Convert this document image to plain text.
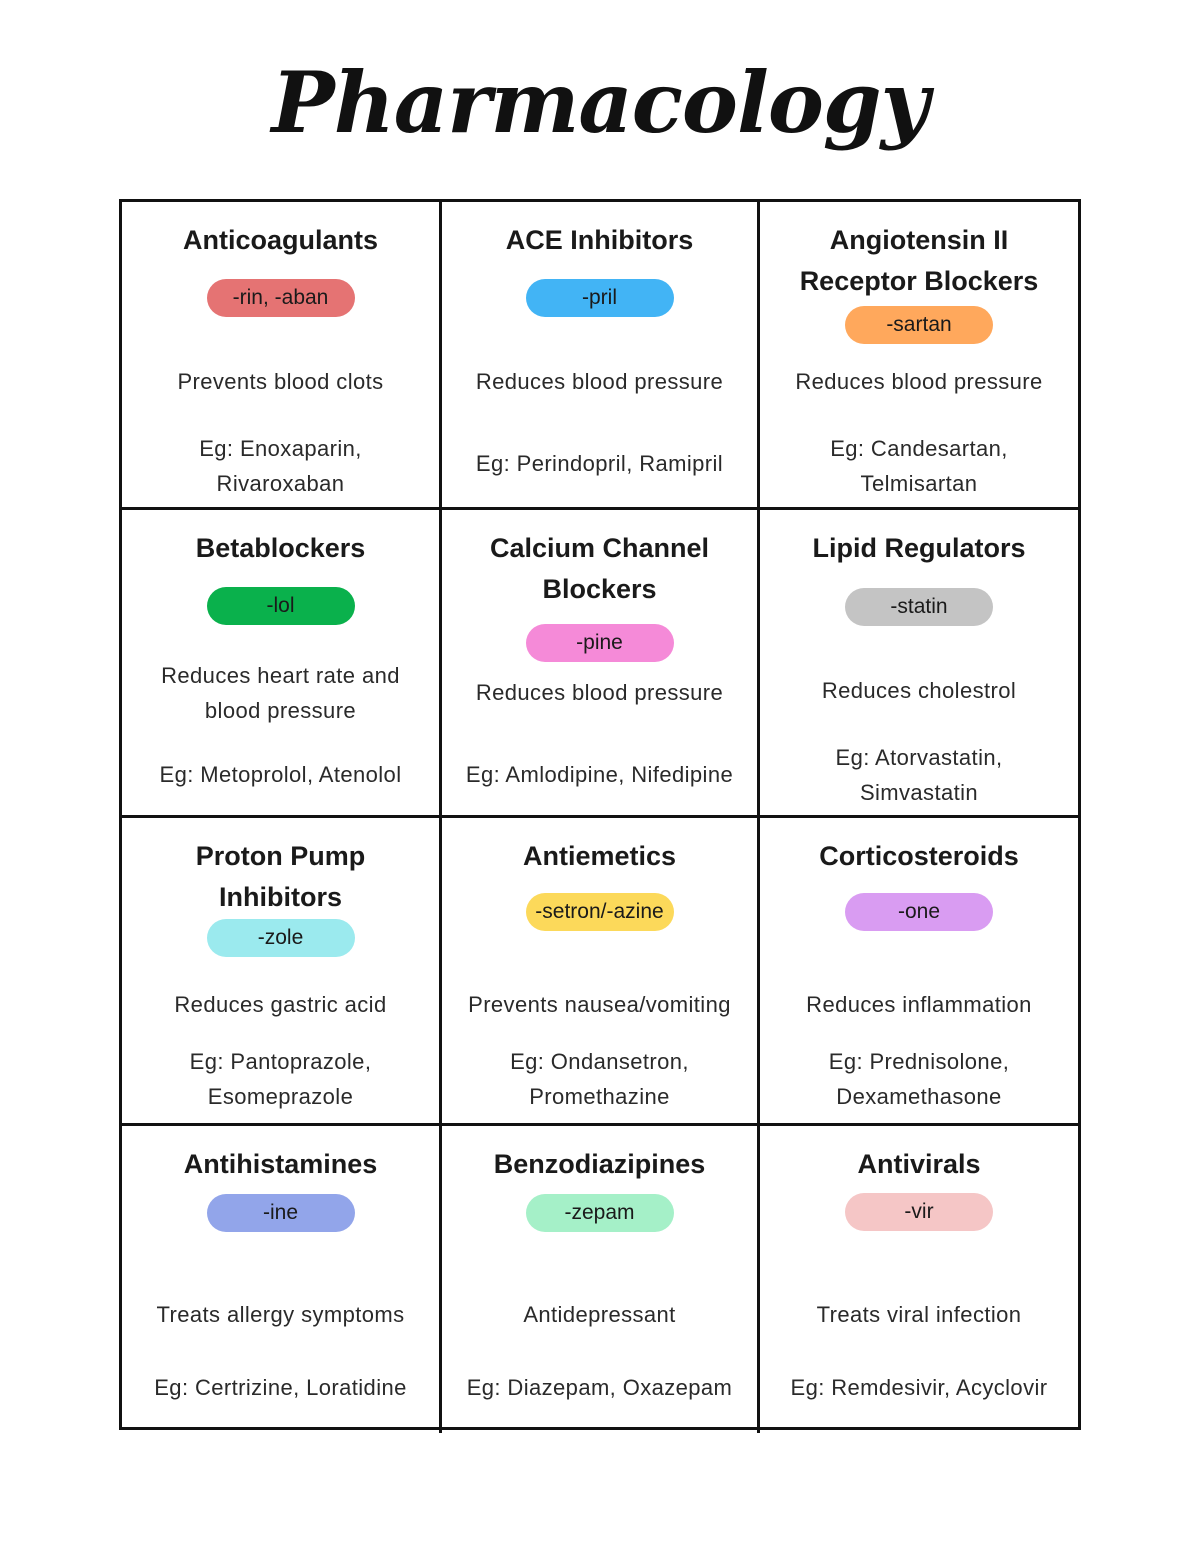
Pharmacology
Anticoagulants
-rin, -aban
Prevents blood clots
Eg: Enoxaparin, Rivaroxaban
ACE Inhibitors
-pril
Reduces blood pressure
Eg: Perindopril, Ramipril
Angiotensin II Receptor Blockers
-sartan
Reduces blood pressure
Eg: Candesartan, Telmisartan
Betablockers
-lol
Reduces heart rate and blood pressure
Eg: Metoprolol, Atenolol
Calcium Channel Blockers
-pine
Reduces blood pressure
Eg: Amlodipine, Nifedipine
Lipid Regulators
-statin
Reduces cholestrol
Eg: Atorvastatin, Simvastatin
Proton Pump Inhibitors
-zole
Reduces gastric acid
Eg: Pantoprazole, Esomeprazole
Antiemetics
-setron/-azine
Prevents nausea/vomiting
Eg: Ondansetron, Promethazine
Corticosteroids
-one
Reduces inflammation
Eg: Prednisolone, Dexamethasone
Antihistamines
-ine
Treats allergy symptoms
Eg: Certrizine, Loratidine
Benzodiazipines
-zepam
Antidepressant
Eg: Diazepam, Oxazepam
Antivirals
-vir
Treats viral infection
Eg: Remdesivir, Acyclovir
